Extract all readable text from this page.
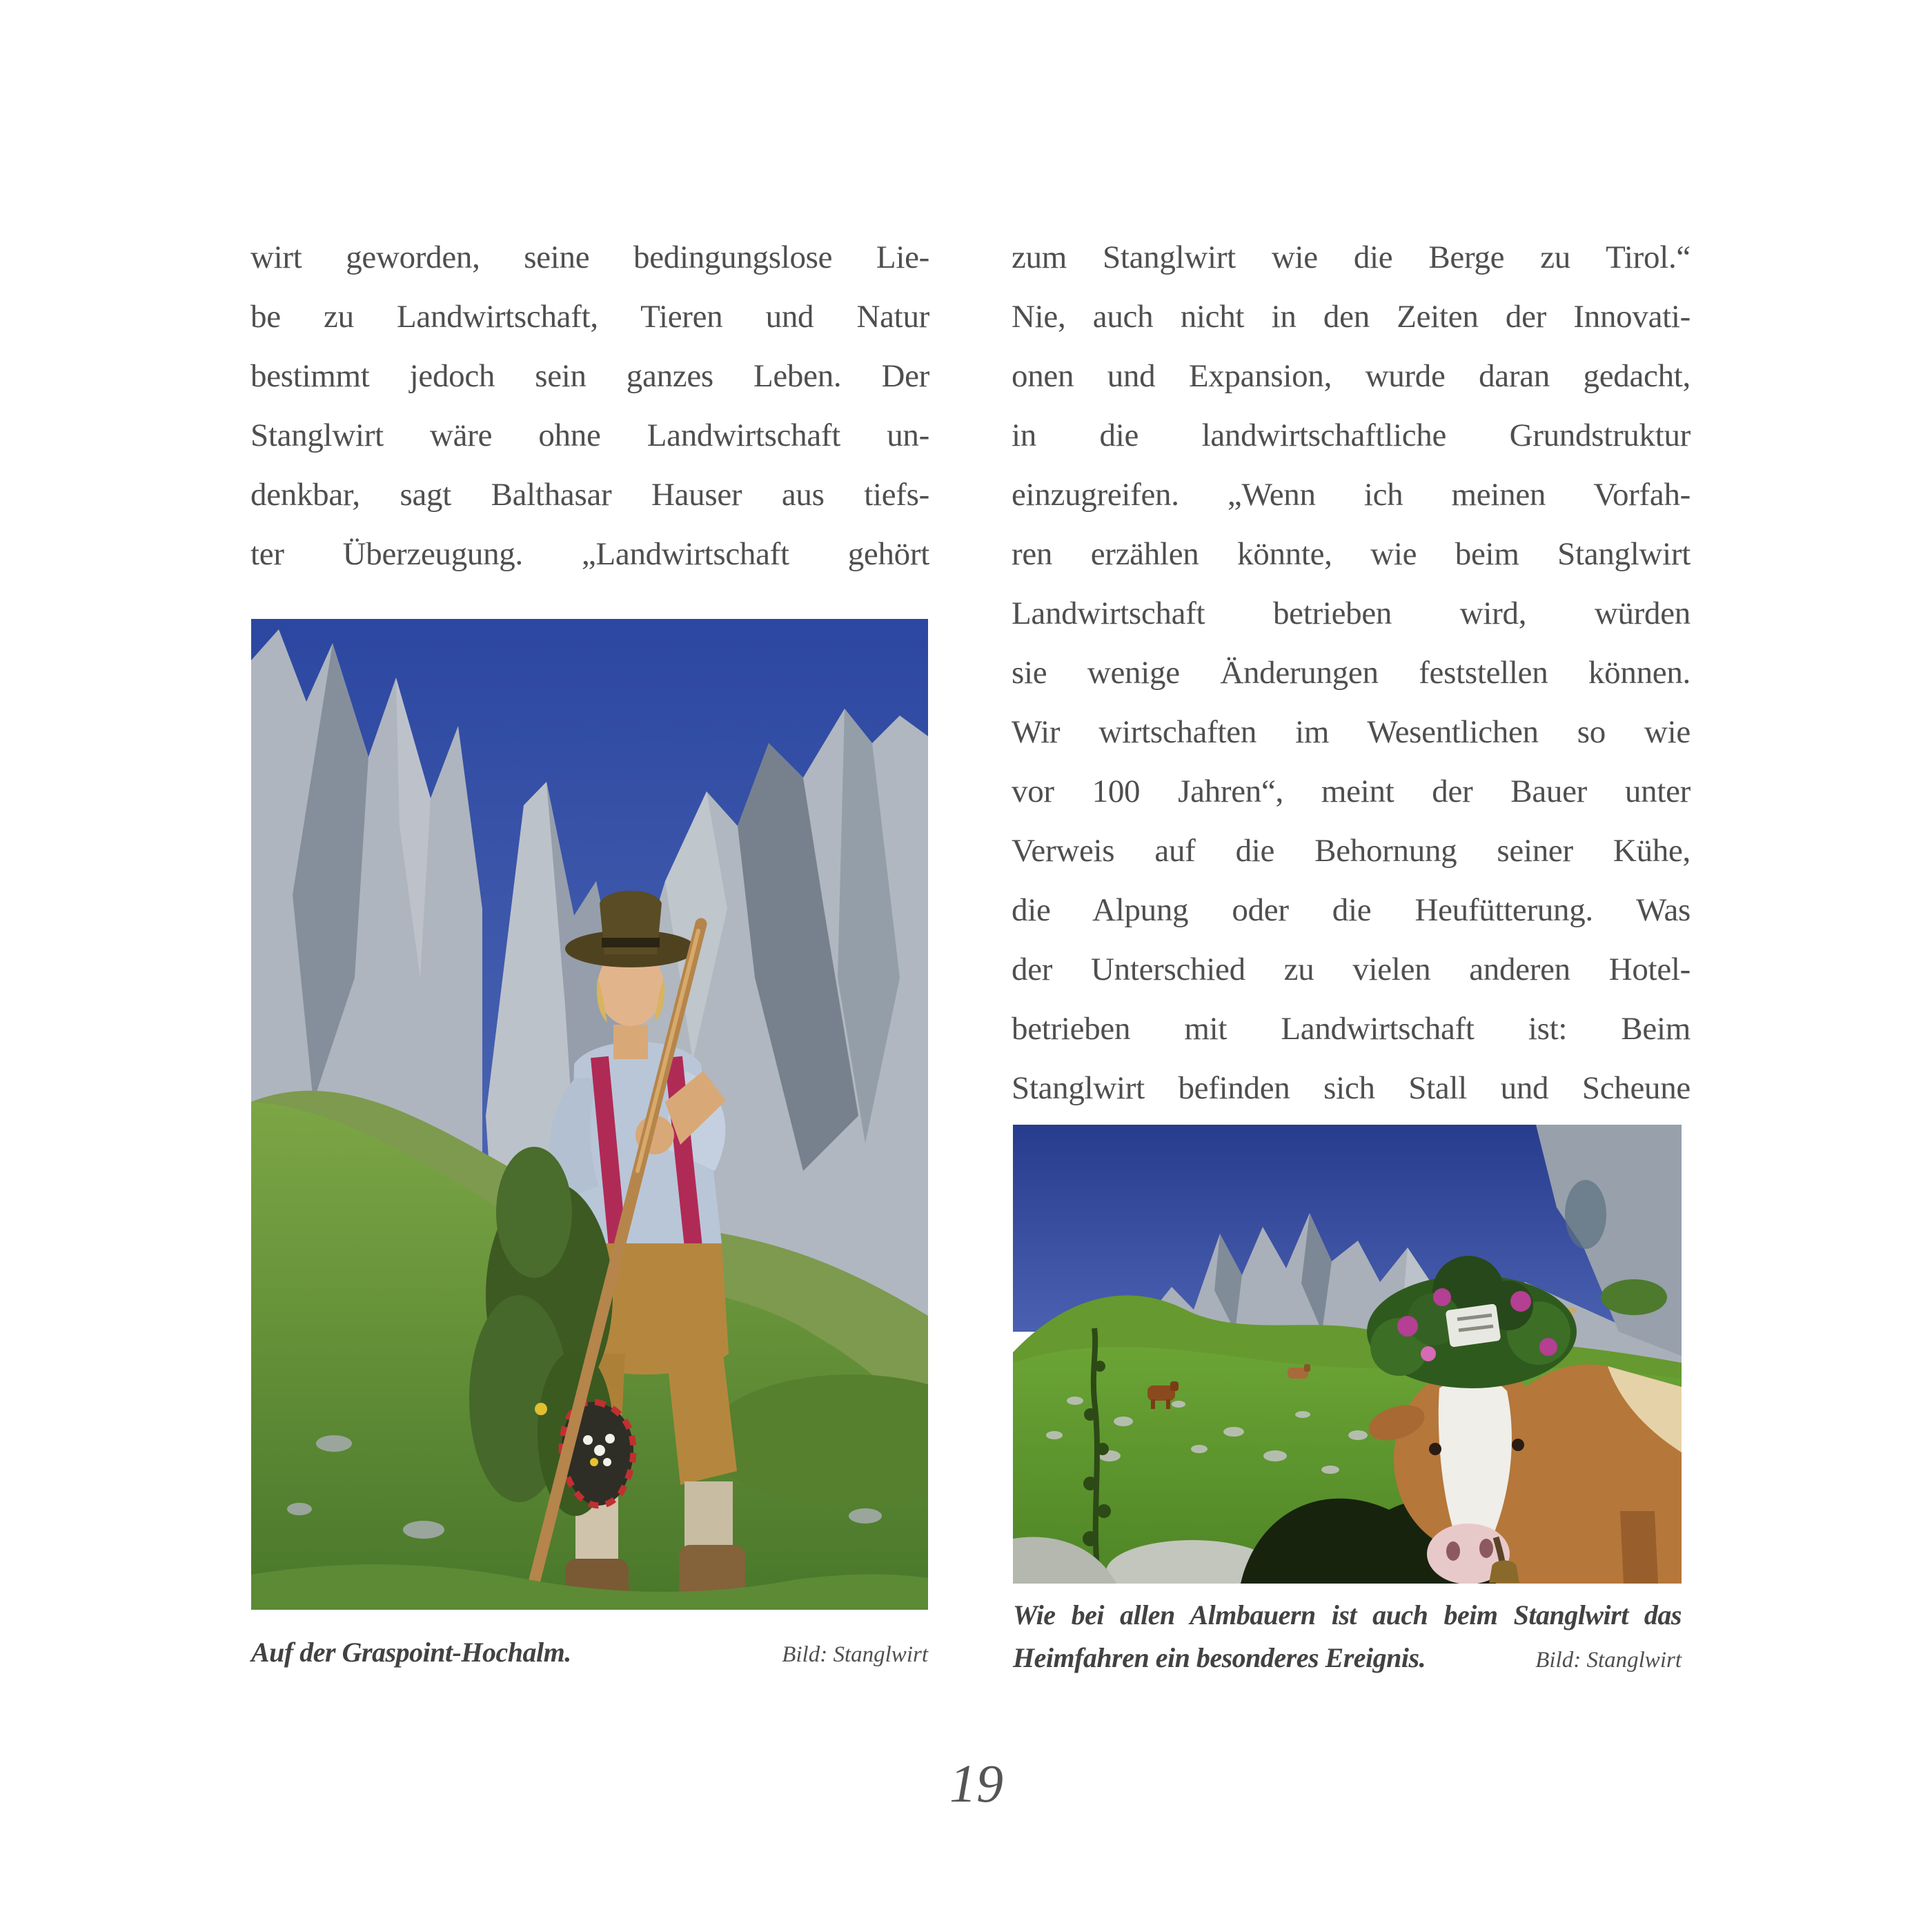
wirt geworden, seine bedingungslose Lie-
be zu Landwirtschaft, Tieren und Natur
bestimmt jedoch sein ganzes Leben. Der
Stanglwirt wäre ohne Landwirtschaft un-
denkbar, sagt Balthasar Hauser aus tiefs-
ter Überzeugung. „Landwirtschaft gehört
zum Stanglwirt wie die Berge zu Tirol.“
Nie, auch nicht in den Zeiten der Innovati-
onen und Expansion, wurde daran gedacht,
in die landwirtschaftliche Grundstruktur
einzugreifen. „Wenn ich meinen Vorfah-
ren erzählen könnte, wie beim Stanglwirt
Landwirtschaft betrieben wird, würden
sie wenige Änderungen feststellen können.
Wir wirtschaften im Wesentlichen so wie
vor 100 Jahren“, meint der Bauer unter
Verweis auf die Behornung seiner Kühe,
die Alpung oder die Heufütterung. Was
der Unterschied zu vielen anderen Hotel-
betrieben mit Landwirtschaft ist: Beim
Stanglwirt befinden sich Stall und Scheune
Auf der Graspoint-Hochalm.	Bild: Stanglwirt
Wie bei allen Almbauern ist auch beim Stanglwirt das
Heimfahren ein besonderes Ereignis.	Bild: Stanglwirt
19
